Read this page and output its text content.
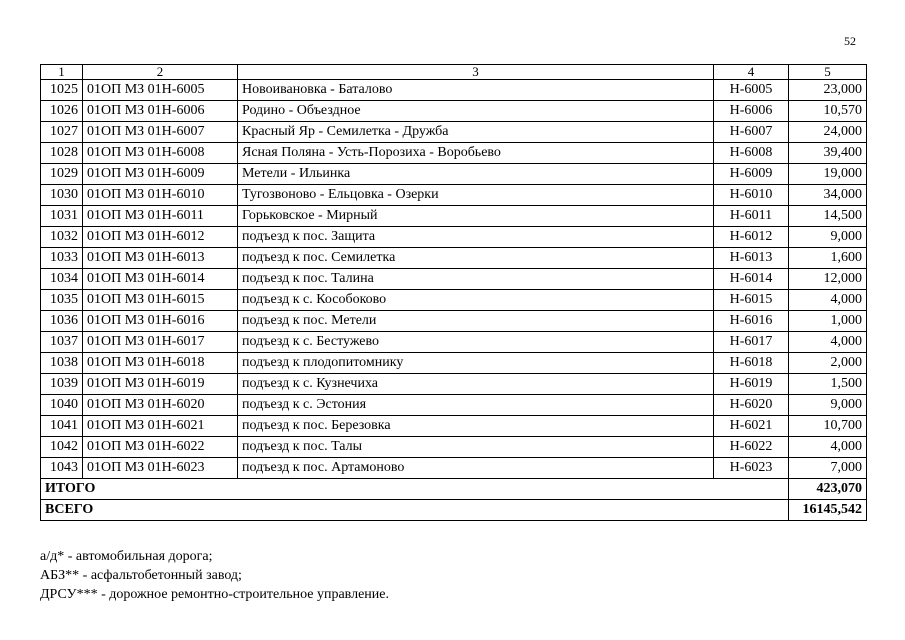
52
1	2	3	4	5
1025	01ОП МЗ 01Н-6005	Новоивановка - Баталово	Н-6005	23,000
1026	01ОП МЗ 01Н-6006	Родино - Объездное	Н-6006	10,570
1027	01ОП МЗ 01Н-6007	Красный Яр - Семилетка - Дружба	Н-6007	24,000
1028	01ОП МЗ 01Н-6008	Ясная Поляна - Усть-Порозиха - Воробьево	Н-6008	39,400
1029	01ОП МЗ 01Н-6009	Метели - Ильинка	Н-6009	19,000
1030	01ОП МЗ 01Н-6010	Тугозвоново - Ельцовка - Озерки	Н-6010	34,000
1031	01ОП МЗ 01Н-6011	Горьковское - Мирный	Н-6011	14,500
1032	01ОП МЗ 01Н-6012	подъезд к пос. Защита	Н-6012	9,000
1033	01ОП МЗ 01Н-6013	подъезд к пос. Семилетка	Н-6013	1,600
1034	01ОП МЗ 01Н-6014	подъезд к пос. Талина	Н-6014	12,000
1035	01ОП МЗ 01Н-6015	подъезд к с. Кособоково	Н-6015	4,000
1036	01ОП МЗ 01Н-6016	подъезд к пос. Метели	Н-6016	1,000
1037	01ОП МЗ 01Н-6017	подъезд к с. Бестужево	Н-6017	4,000
1038	01ОП МЗ 01Н-6018	подъезд к плодопитомнику	Н-6018	2,000
1039	01ОП МЗ 01Н-6019	подъезд к с. Кузнечиха	Н-6019	1,500
1040	01ОП МЗ 01Н-6020	подъезд к с. Эстония	Н-6020	9,000
1041	01ОП МЗ 01Н-6021	подъезд к пос. Березовка	Н-6021	10,700
1042	01ОП МЗ 01Н-6022	подъезд к пос. Талы	Н-6022	4,000
1043	01ОП МЗ 01Н-6023	подъезд к пос. Артамоново	Н-6023	7,000
ИТОГО				423,070
ВСЕГО				16145,542
а/д* - автомобильная дорога;
АБЗ** - асфальтобетонный завод;
ДРСУ*** - дорожное ремонтно-строительное управление.
